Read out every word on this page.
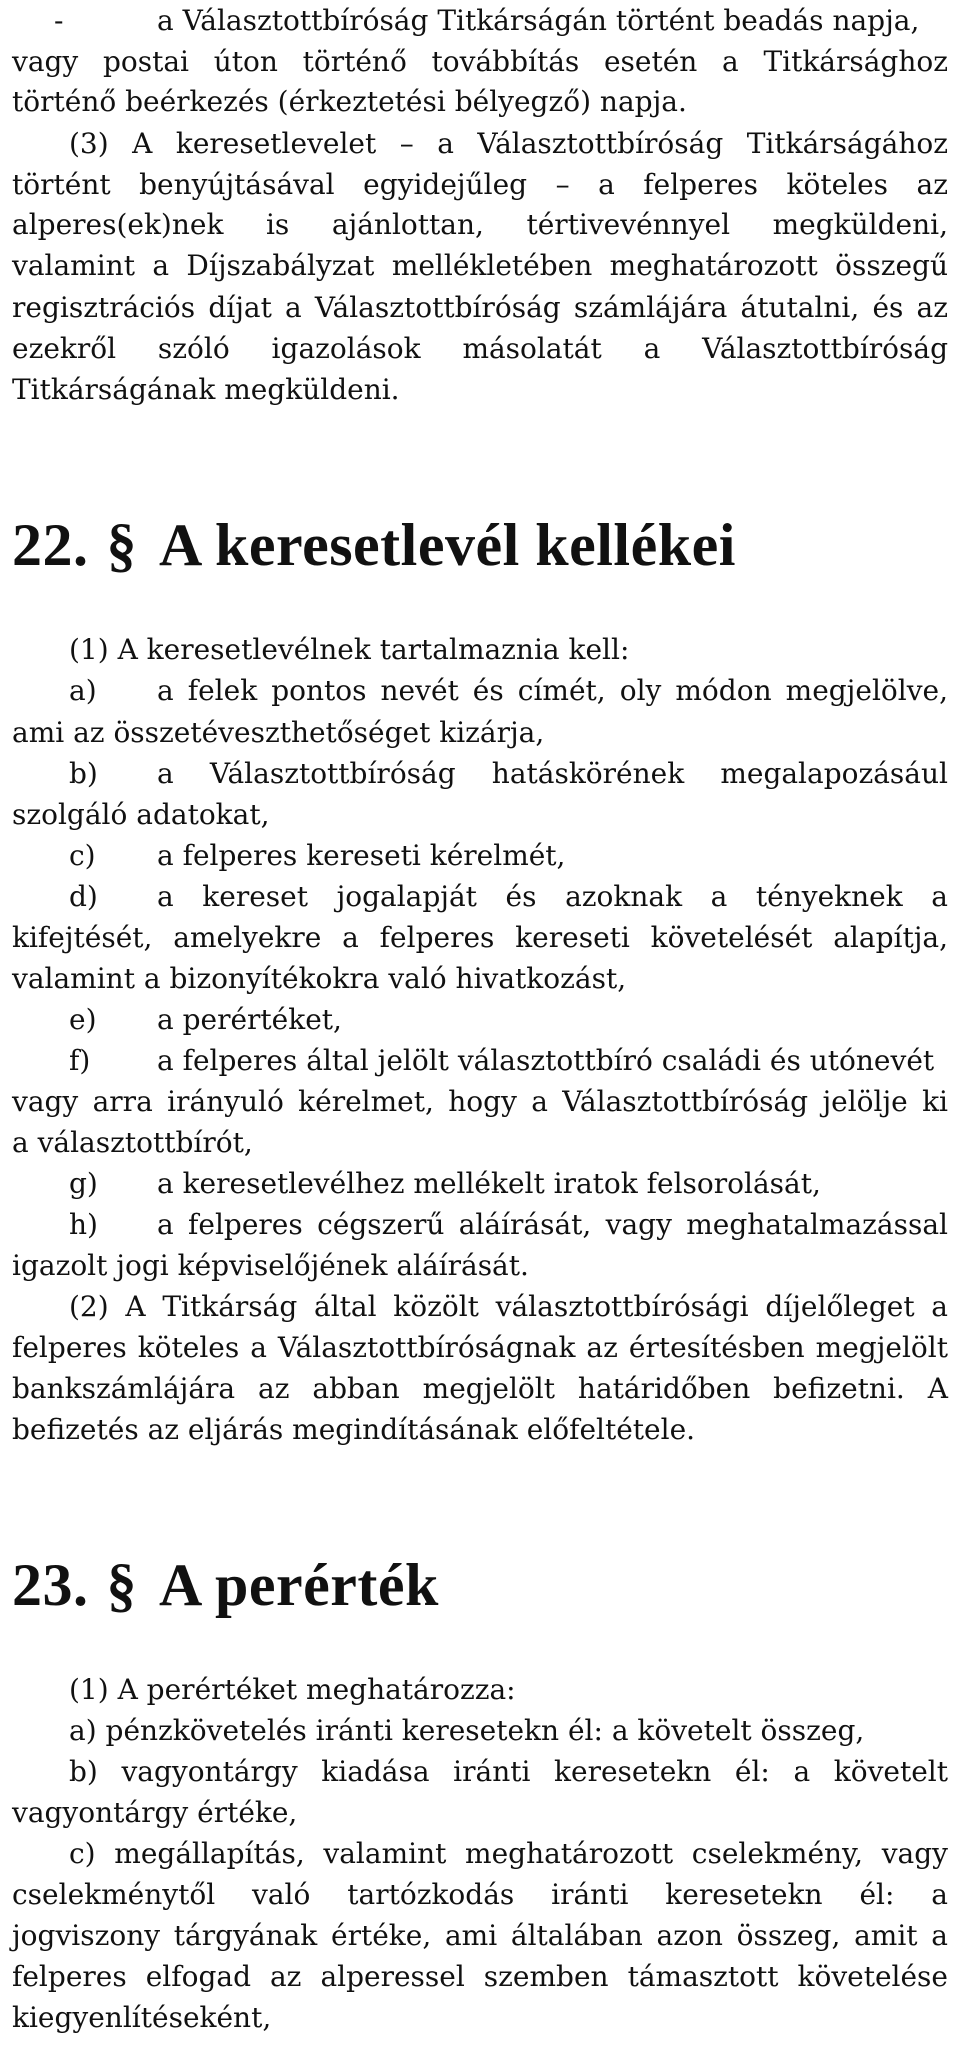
-	a Választottbíróság Titkárságán történt beadás napja,
vagy postai úton történő továbbítás esetén a Titkársághoz
történő beérkezés (érkeztetési bélyegző) napja.
(3) A keresetlevelet – a Választottbíróság Titkárságához
történt benyújtásával egyidejűleg – a felperes köteles az
alperes(ek)nek is ajánlottan, tértivevénnyel megküldeni,
valamint a Díjszabályzat mellékletében meghatározott összegű
regisztrációs díjat a Választottbíróság számlájára átutalni, és az
ezekről szóló igazolások másolatát a Választottbíróság
Titkárságának megküldeni.
22. § A keresetlevél kellékei
(1) A keresetlevélnek tartalmaznia kell:
a) a felek pontos nevét és címét, oly módon megjelölve,
ami az összetéveszthetőséget kizárja,
b) a Választottbíróság hatáskörének megalapozásául
szolgáló adatokat,
c) a felperes kereseti kérelmét,
d) a kereset jogalapját és azoknak a tényeknek a
kifejtését, amelyekre a felperes kereseti követelését alapítja,
valamint a bizonyítékokra való hivatkozást,
e) a perértéket,
f) a felperes által jelölt választottbíró családi és utónevét
vagy arra irányuló kérelmet, hogy a Választottbíróság jelölje ki
a választottbírót,
g) a keresetlevélhez mellékelt iratok felsorolását,
h) a felperes cégszerű aláírását, vagy meghatalmazással
igazolt jogi képviselőjének aláírását.
(2) A Titkárság által közölt választottbírósági díjelőleget a
felperes köteles a Választottbíróságnak az értesítésben megjelölt
bankszámlájára az abban megjelölt határidőben befizetni. A
befizetés az eljárás megindításának előfeltétele.
23. § A perérték
(1) A perértéket meghatározza:
a) pénzkövetelés iránti keresetekn él: a követelt összeg,
b) vagyontárgy kiadása iránti keresetekn él: a követelt
vagyontárgy értéke,
c) megállapítás, valamint meghatározott cselekmény, vagy
cselekménytől való tartózkodás iránti keresetekn él: a
jogviszony tárgyának értéke, ami általában azon összeg, amit a
felperes elfogad az alperessel szemben támasztott követelése
kiegyenlítéseként,
